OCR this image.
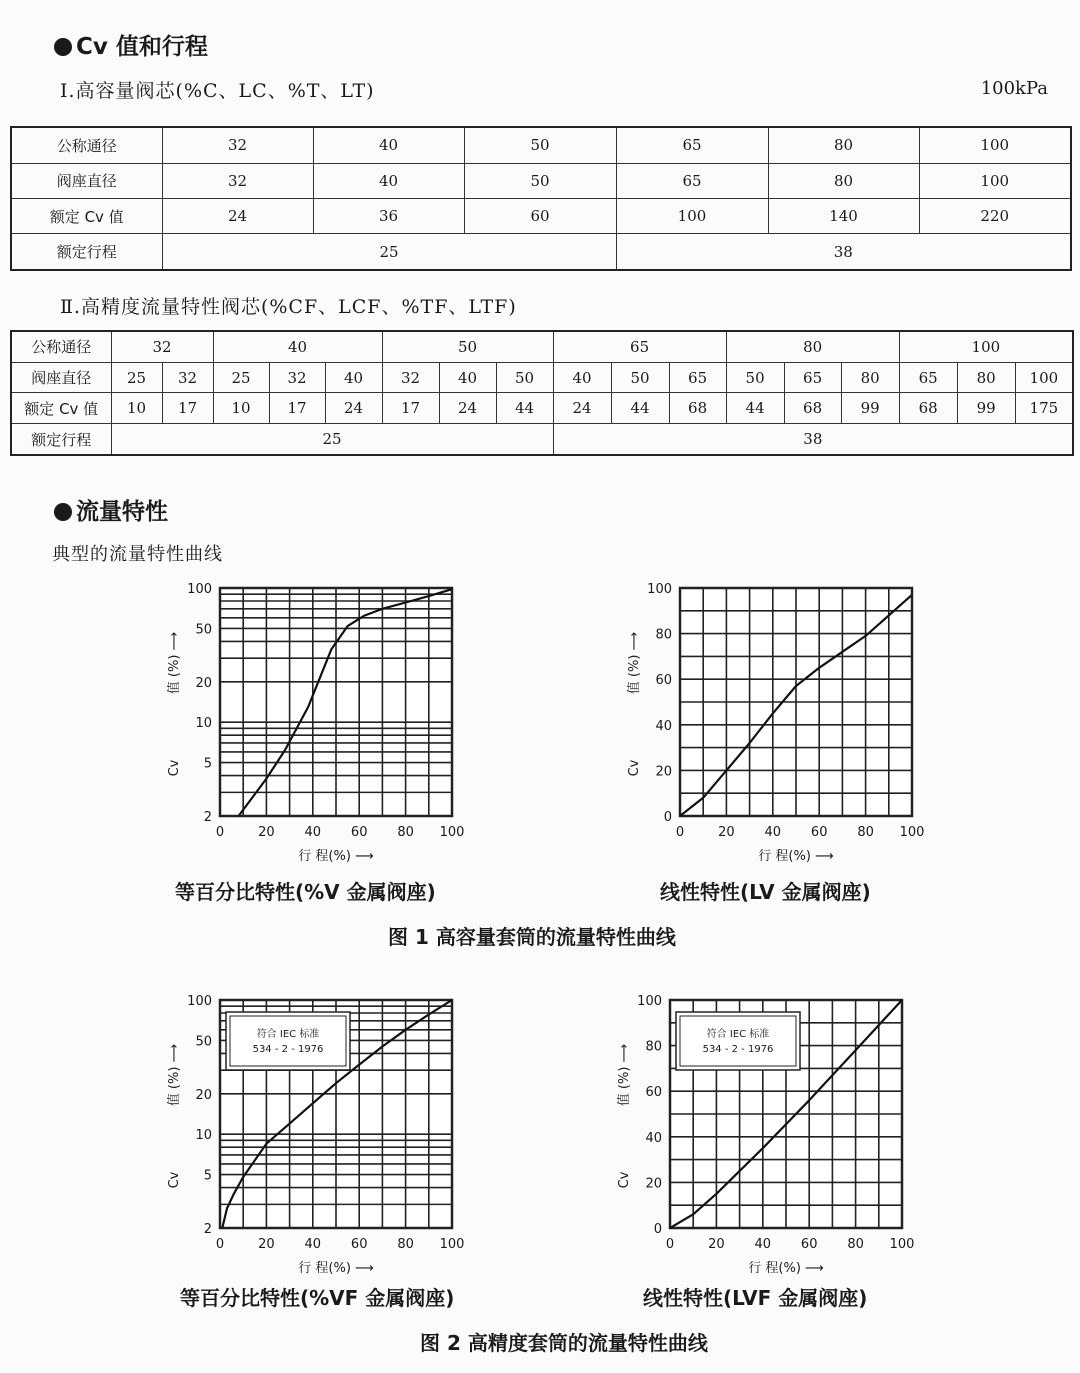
Cv 值和行程
Ⅰ.高容量阀芯(%C、LC、%T、LT)	100kPa
公称通径	32	40	50	65	80	100
阀座直径	32	40	50	65	80	100
额定 Cv 值	24	36	60	100	140	220
额定行程	25			38		
Ⅱ.高精度流量特性阀芯(%CF、LCF、%TF、LTF)
公称通径	32		40			50			65			80			100		
阀座直径	25	32	25	32	40	32	40	50	40	50	65	50	65	80	65	80	100
额定 Cv 值	10	17	10	17	24	17	24	44	24	44	68	44	68	99	68	99	175
额定行程	25								38								
流量特性
典型的流量特性曲线
2
5
10
20
50
100
0	20 40 60 80 100
行 程(%) ⟶
值 (%) ⟶
Cv
0
20
40
60
80
100
0	20 40 60 80 100
行 程(%) ⟶
值 (%) ⟶
Cv
等百分比特性(%V 金属阀座)	线性特性(LV 金属阀座)
图 1 高容量套筒的流量特性曲线
2
5
10
20
50
100
0	20 40 60 80 100
行 程(%) ⟶
值 (%) ⟶
Cv
符合 IEC 标准
534 - 2 - 1976
0
20
40
60
80
100
0	20 40 60 80 100
行 程(%) ⟶
值 (%) ⟶
Cv
符合 IEC 标准
534 - 2 - 1976
等百分比特性(%VF 金属阀座)	线性特性(LVF 金属阀座)
图 2 高精度套筒的流量特性曲线
